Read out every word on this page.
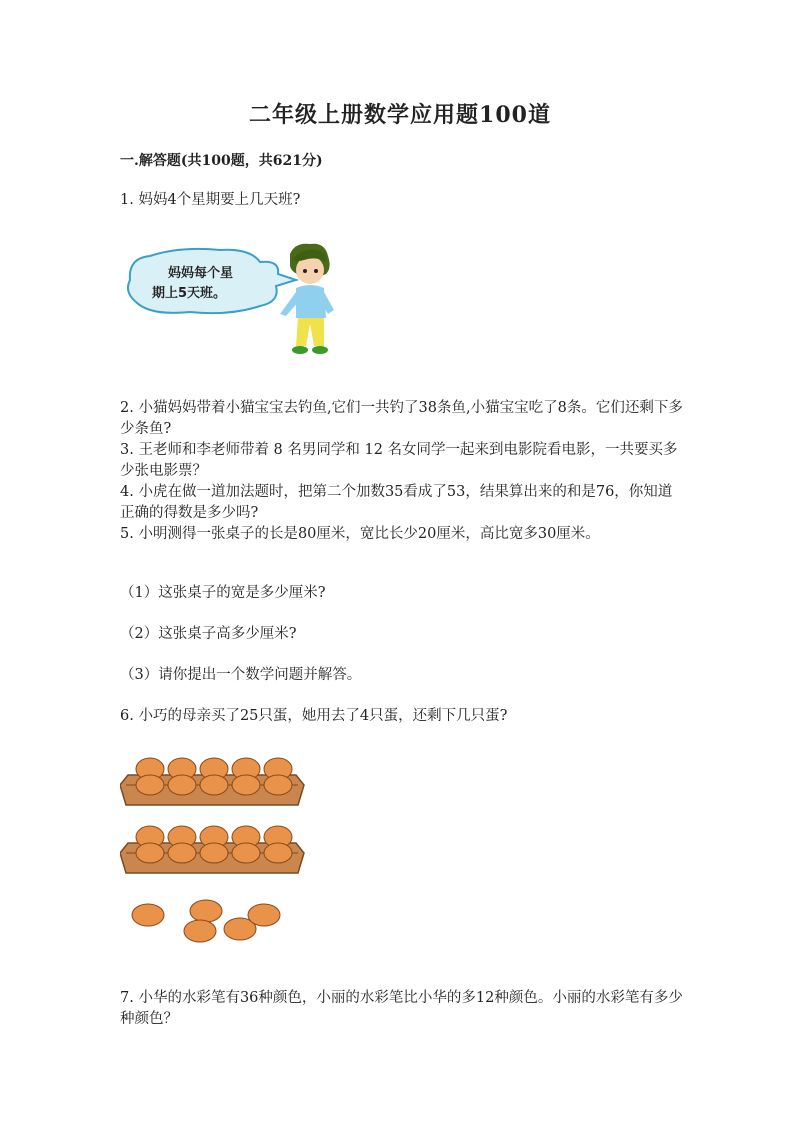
二年级上册数学应用题100道
一.解答题(共100题，共621分)
1. 妈妈4个星期要上几天班?
妈妈每个星
期上5天班。
2. 小猫妈妈带着小猫宝宝去钓鱼,它们一共钓了38条鱼,小猫宝宝吃了8条。它们还剩下多少条鱼?
3. 王老师和李老师带着 8 名男同学和 12 名女同学一起来到电影院看电影，一共要买多少张电影票？
4. 小虎在做一道加法题时，把第二个加数35看成了53，结果算出来的和是76，你知道正确的得数是多少吗?
5. 小明测得一张桌子的长是80厘米，宽比长少20厘米，高比宽多30厘米。
（1）这张桌子的宽是多少厘米?
（2）这张桌子高多少厘米?
（3）请你提出一个数学问题并解答。
6. 小巧的母亲买了25只蛋，她用去了4只蛋，还剩下几只蛋?
7. 小华的水彩笔有36种颜色，小丽的水彩笔比小华的多12种颜色。小丽的水彩笔有多少种颜色？
